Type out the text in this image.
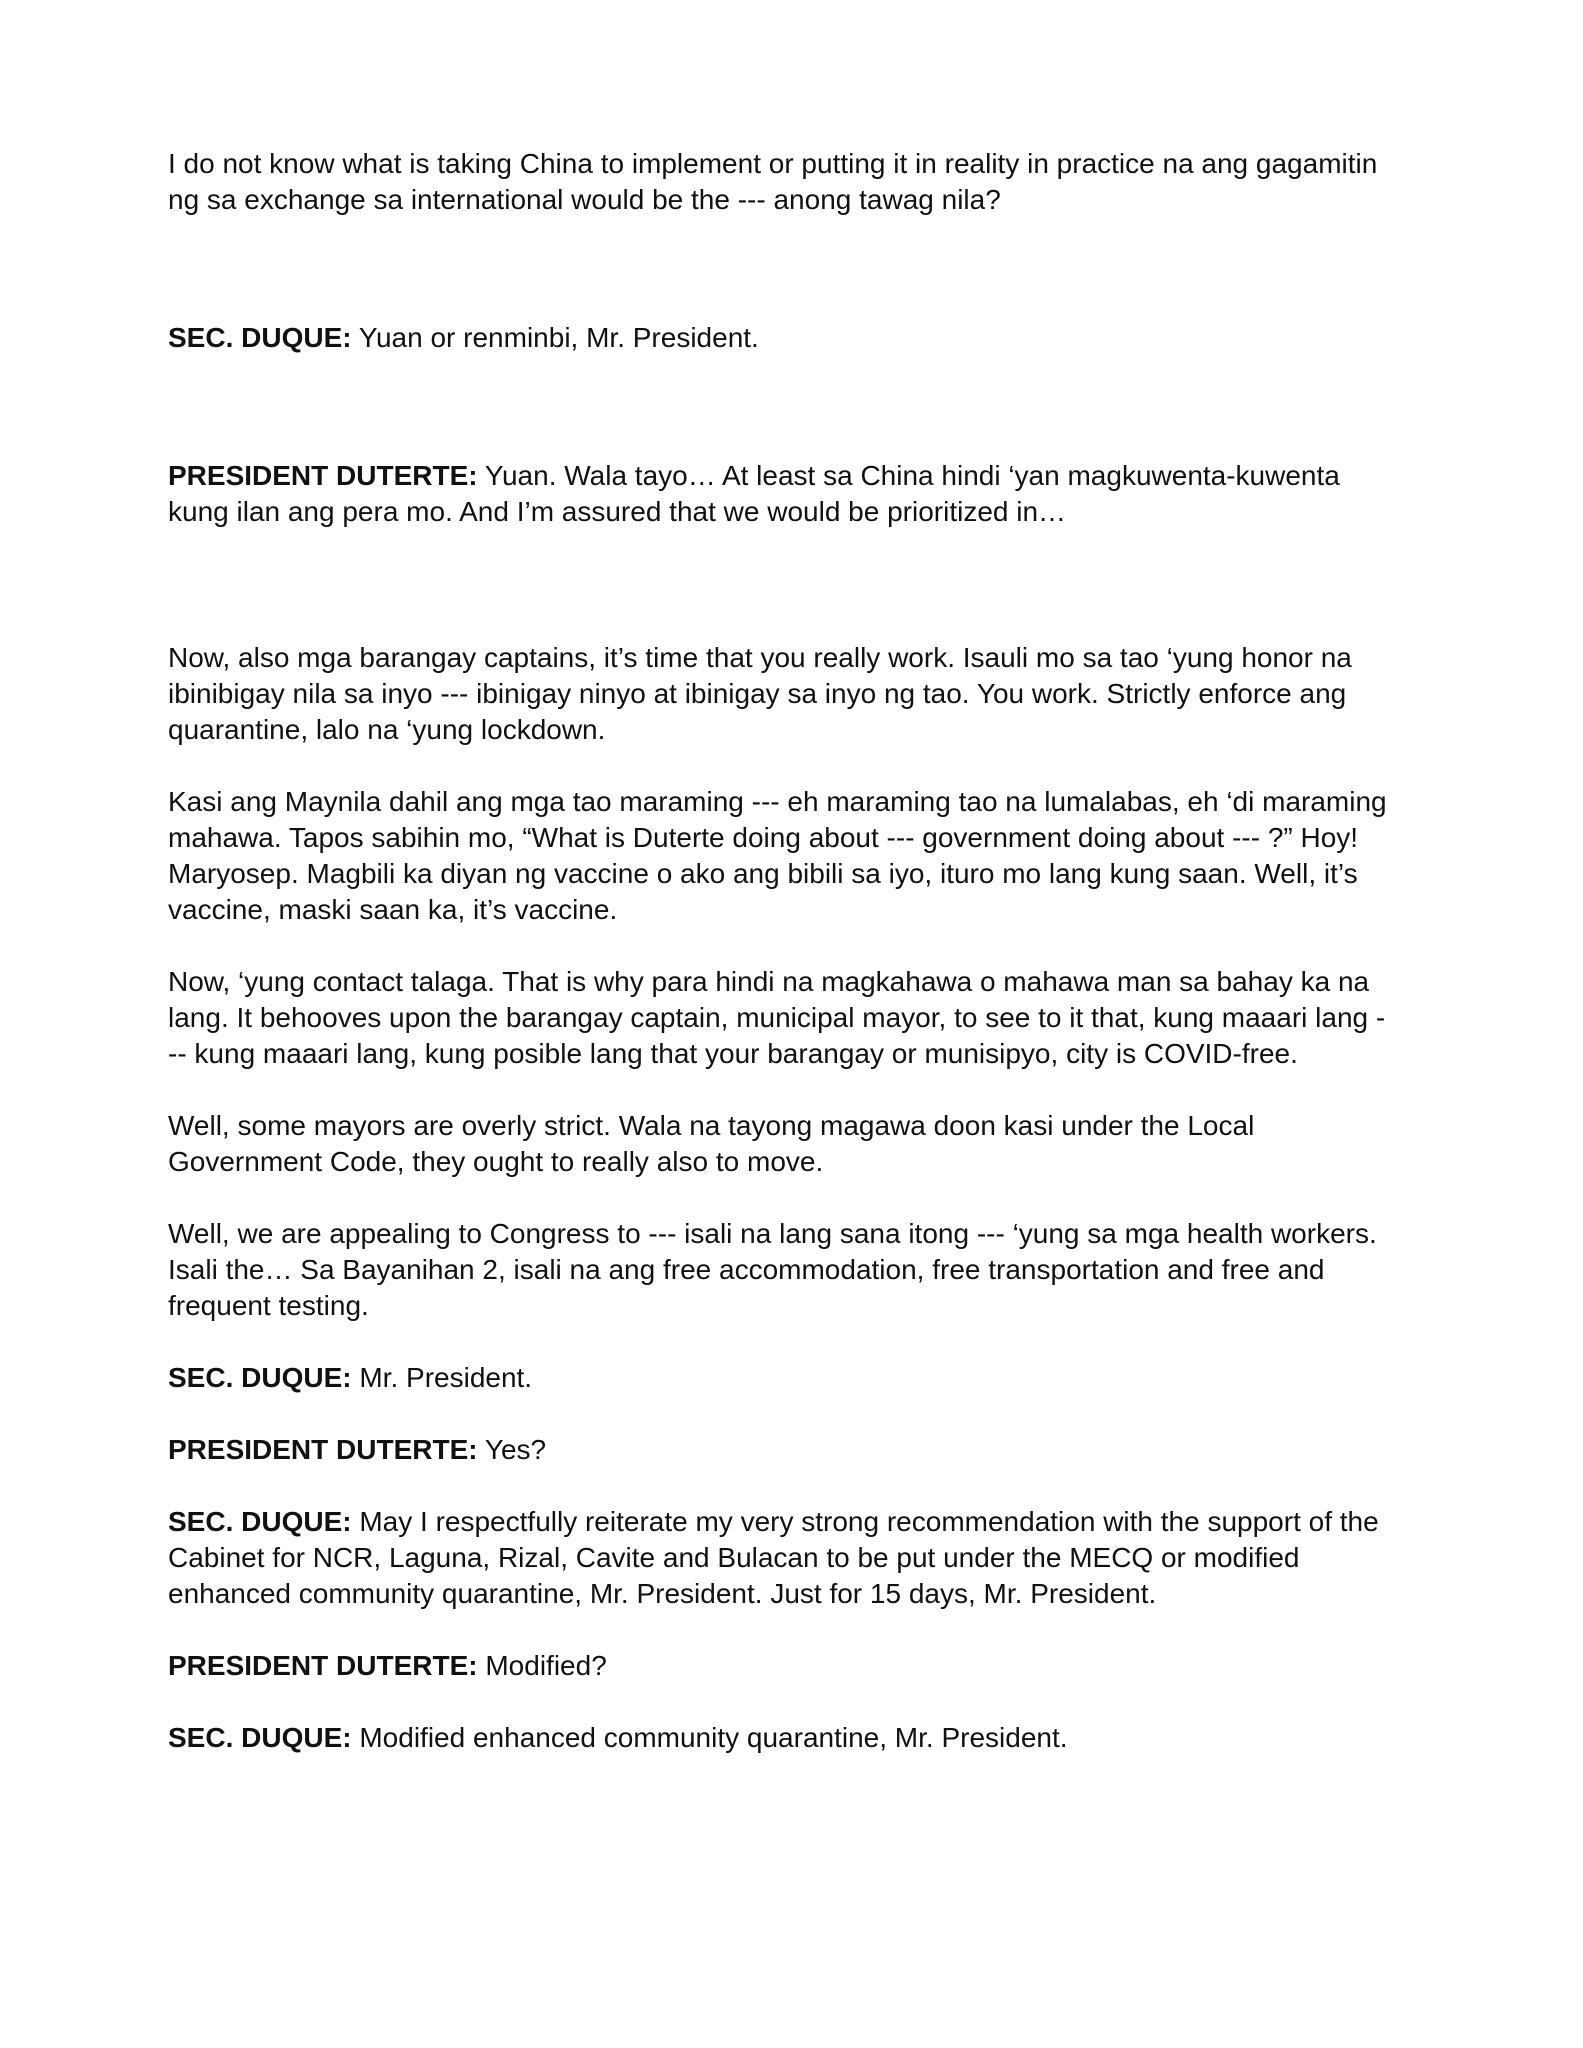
I do not know what is taking China to implement or putting it in reality in practice na ang gagamitin ng sa exchange sa international would be the --- anong tawag nila?

SEC. DUQUE: Yuan or renminbi, Mr. President.

PRESIDENT DUTERTE: Yuan. Wala tayo… At least sa China hindi ‘yan magkuwenta-kuwenta kung ilan ang pera mo. And I’m assured that we would be prioritized in…

Now, also mga barangay captains, it’s time that you really work. Isauli mo sa tao ‘yung honor na ibinibigay nila sa inyo --- ibinigay ninyo at ibinigay sa inyo ng tao. You work. Strictly enforce ang quarantine, lalo na ‘yung lockdown.

Kasi ang Maynila dahil ang mga tao maraming --- eh maraming tao na lumalabas, eh ‘di maraming mahawa. Tapos sabihin mo, “What is Duterte doing about --- government doing about --- ?” Hoy! Maryosep. Magbili ka diyan ng vaccine o ako ang bibili sa iyo, ituro mo lang kung saan. Well, it’s vaccine, maski saan ka, it’s vaccine.

Now, ‘yung contact talaga. That is why para hindi na magkahawa o mahawa man sa bahay ka na lang. It behooves upon the barangay captain, municipal mayor, to see to it that, kung maaari lang --- kung maaari lang, kung posible lang that your barangay or munisipyo, city is COVID-free.

Well, some mayors are overly strict. Wala na tayong magawa doon kasi under the Local Government Code, they ought to really also to move.

Well, we are appealing to Congress to --- isali na lang sana itong --- ‘yung sa mga health workers. Isali the… Sa Bayanihan 2, isali na ang free accommodation, free transportation and free and frequent testing.

SEC. DUQUE: Mr. President.

PRESIDENT DUTERTE: Yes?

SEC. DUQUE: May I respectfully reiterate my very strong recommendation with the support of the Cabinet for NCR, Laguna, Rizal, Cavite and Bulacan to be put under the MECQ or modified enhanced community quarantine, Mr. President. Just for 15 days, Mr. President.

PRESIDENT DUTERTE: Modified?

SEC. DUQUE: Modified enhanced community quarantine, Mr. President.
